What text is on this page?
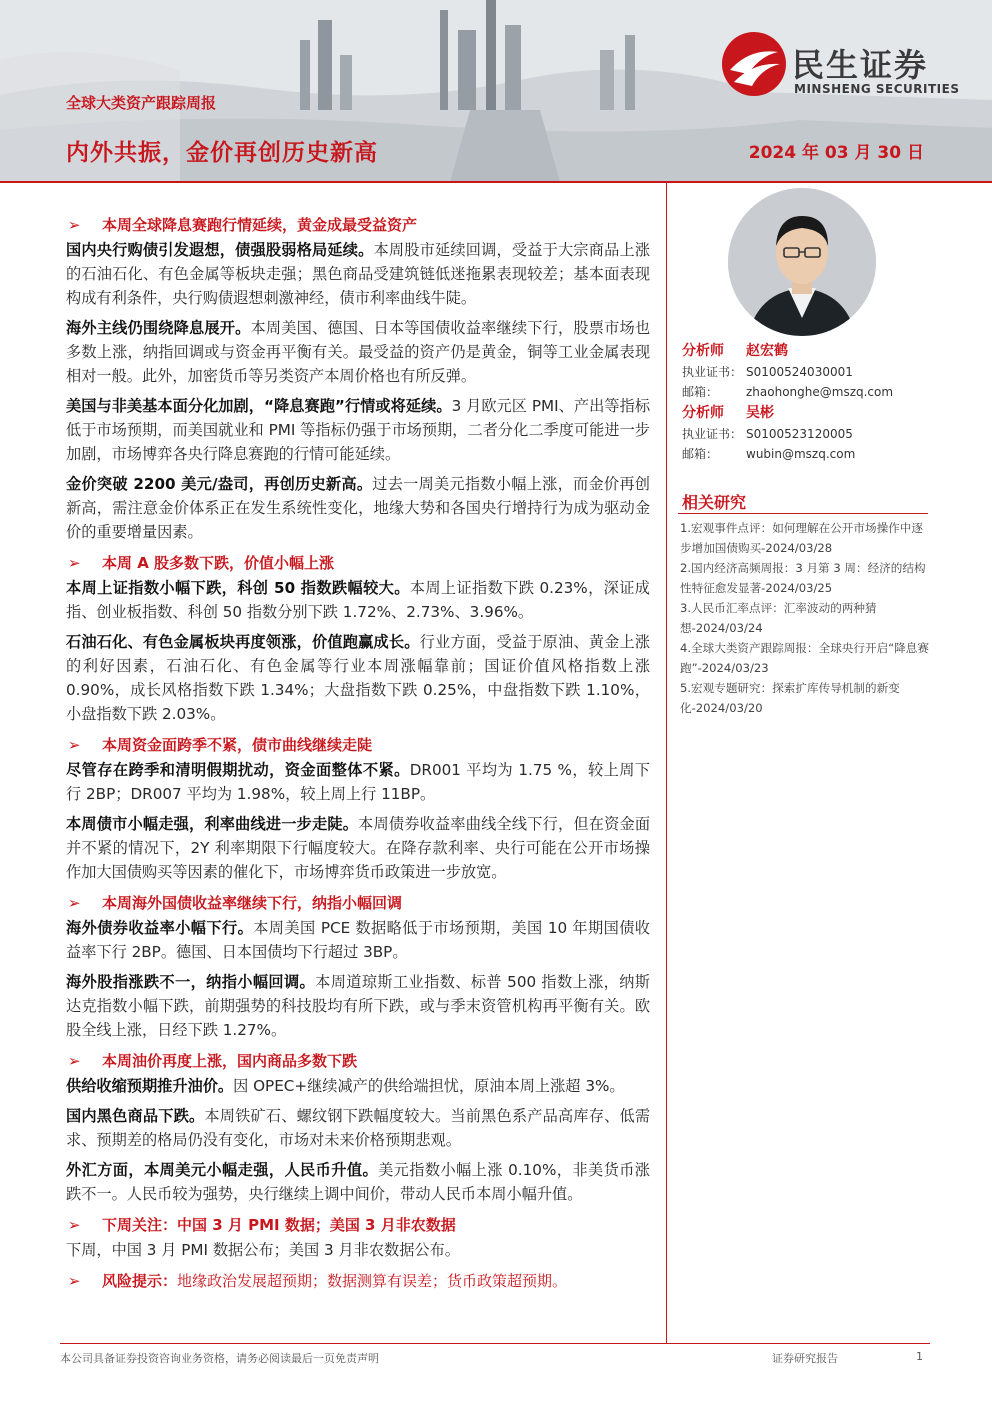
民生证券
MINSHENG SECURITIES
全球大类资产跟踪周报
内外共振，金价再创历史新高	2024 年 03 月 30 日
➢ 本周全球降息赛跑行情延续，黄金成最受益资产

国内央行购债引发遐想，债强股弱格局延续。本周股市延续回调，受益于大宗商品上涨的石油石化、有色金属等板块走强；黑色商品受建筑链低迷拖累表现较差；基本面表现构成有利条件，央行购债遐想刺激神经，债市利率曲线牛陡。

海外主线仍围绕降息展开。本周美国、德国、日本等国债收益率继续下行，股票市场也多数上涨，纳指回调或与资金再平衡有关。最受益的资产仍是黄金，铜等工业金属表现相对一般。此外，加密货币等另类资产本周价格也有所反弹。

美国与非美基本面分化加剧，“降息赛跑”行情或将延续。3 月欧元区 PMI、产出等指标低于市场预期，而美国就业和 PMI 等指标仍强于市场预期，二者分化二季度可能进一步加剧，市场博弈各央行降息赛跑的行情可能延续。

金价突破 2200 美元/盎司，再创历史新高。过去一周美元指数小幅上涨，而金价再创新高，需注意金价体系正在发生系统性变化，地缘大势和各国央行增持行为成为驱动金价的重要增量因素。

➢ 本周 A 股多数下跌，价值小幅上涨

本周上证指数小幅下跌，科创 50 指数跌幅较大。本周上证指数下跌 0.23%，深证成指、创业板指数、科创 50 指数分别下跌 1.72%、2.73%、3.96%。

石油石化、有色金属板块再度领涨，价值跑赢成长。行业方面，受益于原油、黄金上涨的利好因素，石油石化、有色金属等行业本周涨幅靠前；国证价值风格指数上涨 0.90%，成长风格指数下跌 1.34%；大盘指数下跌 0.25%，中盘指数下跌 1.10%，小盘指数下跌 2.03%。

➢ 本周资金面跨季不紧，债市曲线继续走陡

尽管存在跨季和清明假期扰动，资金面整体不紧。DR001 平均为 1.75 %，较上周下行 2BP；DR007 平均为 1.98%，较上周上行 11BP。

本周债市小幅走强，利率曲线进一步走陡。本周债券收益率曲线全线下行，但在资金面并不紧的情况下，2Y 利率期限下行幅度较大。在降存款利率、央行可能在公开市场操作加大国债购买等因素的催化下，市场博弈货币政策进一步放宽。

➢ 本周海外国债收益率继续下行，纳指小幅回调

海外债券收益率小幅下行。本周美国 PCE 数据略低于市场预期，美国 10 年期国债收益率下行 2BP。德国、日本国债均下行超过 3BP。

海外股指涨跌不一，纳指小幅回调。本周道琼斯工业指数、标普 500 指数上涨，纳斯达克指数小幅下跌，前期强势的科技股均有所下跌，或与季末资管机构再平衡有关。欧股全线上涨，日经下跌 1.27%。

➢ 本周油价再度上涨，国内商品多数下跌

供给收缩预期推升油价。因 OPEC+继续减产的供给端担忧，原油本周上涨超 3%。

国内黑色商品下跌。本周铁矿石、螺纹钢下跌幅度较大。当前黑色系产品高库存、低需求、预期差的格局仍没有变化，市场对未来价格预期悲观。

外汇方面，本周美元小幅走强，人民币升值。美元指数小幅上涨 0.10%，非美货币涨跌不一。人民币较为强势，央行继续上调中间价，带动人民币本周小幅升值。

➢ 下周关注：中国 3 月 PMI 数据；美国 3 月非农数据

下周，中国 3 月 PMI 数据公布；美国 3 月非农数据公布。

➢ 风险提示：地缘政治发展超预期；数据测算有误差；货币政策超预期。
分析师 赵宏鹤
执业证书： S0100524030001
邮箱： zhaohonghe@mszq.com
分析师 吴彬
执业证书： S0100523120005
邮箱： wubin@mszq.com
相关研究
1.宏观事件点评：如何理解在公开市场操作中逐步增加国债购买-2024/03/28
2.国内经济高频周报：3 月第 3 周：经济的结构性特征愈发显著-2024/03/25
3.人民币汇率点评：汇率波动的两种猜想-2024/03/24
4.全球大类资产跟踪周报：全球央行开启“降息赛跑”-2024/03/23
5.宏观专题研究：探索扩库传导机制的新变化-2024/03/20
本公司具备证券投资咨询业务资格，请务必阅读最后一页免责声明	证券研究报告	1
